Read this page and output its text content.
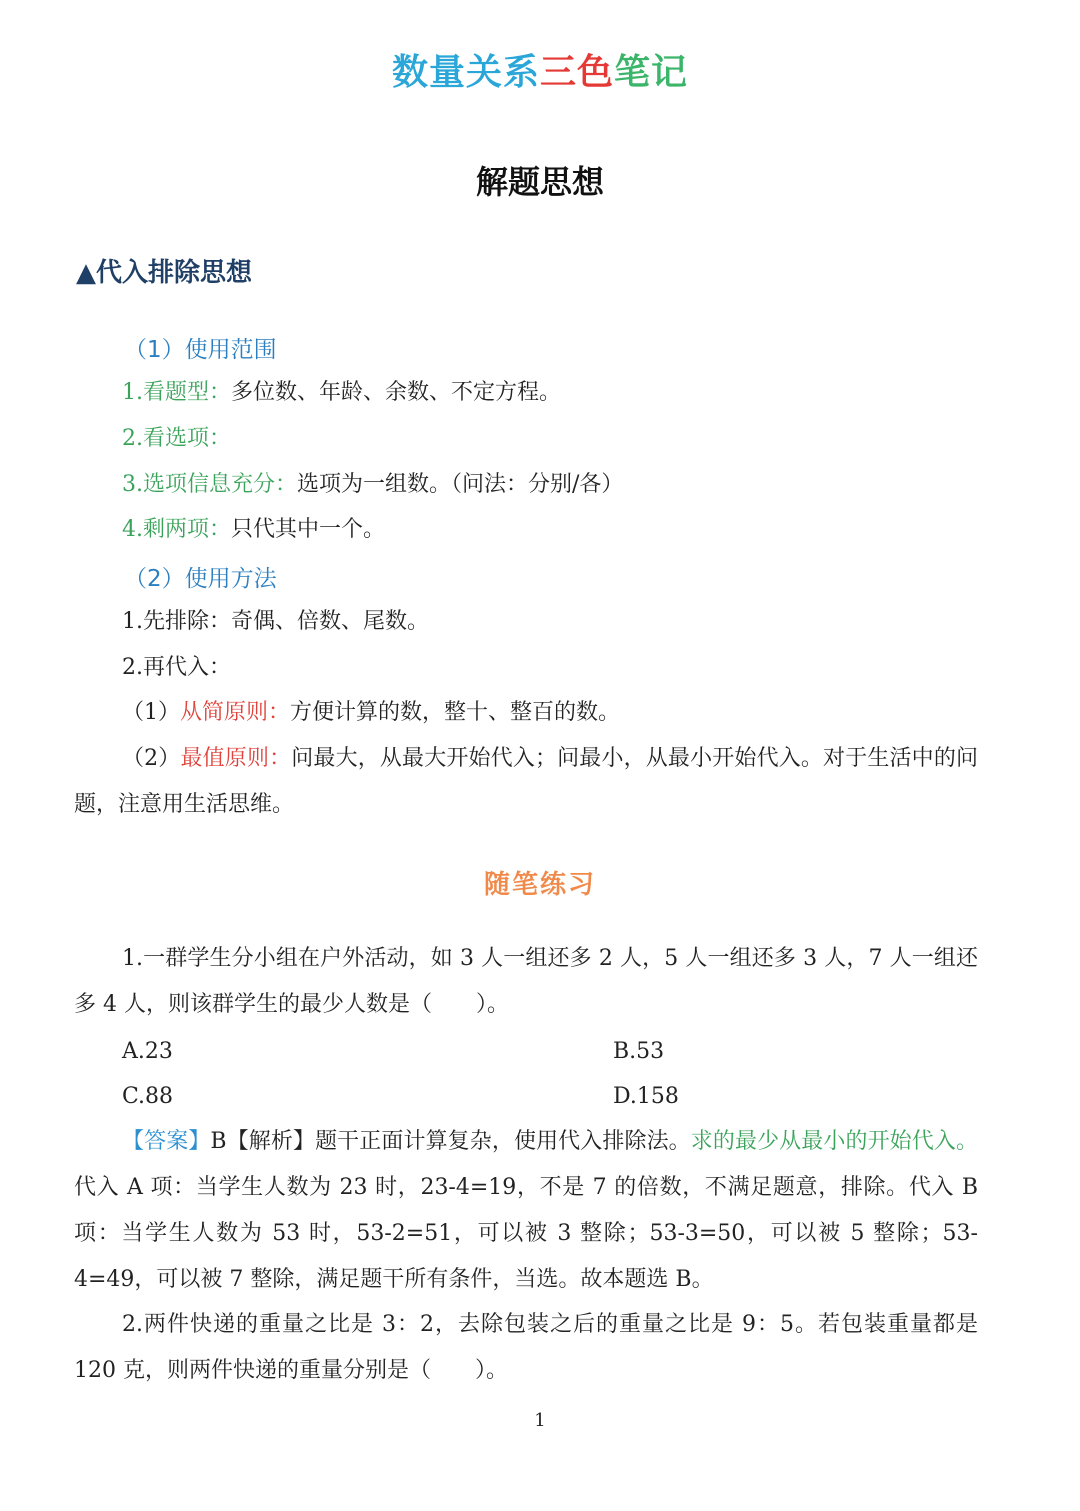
数量关系三色笔记
解题思想
▲代入排除思想
（1）使用范围
1.看题型：多位数、年龄、余数、不定方程。
2.看选项：
3.选项信息充分：选项为一组数。（问法：分别/各）
4.剩两项：只代其中一个。
（2）使用方法
1.先排除：奇偶、倍数、尾数。
2.再代入：
（1）从简原则：方便计算的数，整十、整百的数。
（2）最值原则：问最大，从最大开始代入；问最小，从最小开始代入。对于生活中的问题，注意用生活思维。
随笔练习
1.一群学生分小组在户外活动，如 3 人一组还多 2 人，5 人一组还多 3 人，7 人一组还多 4 人，则该群学生的最少人数是（　　）。
A.23	B.53
C.88	D.158
【答案】B【解析】题干正面计算复杂，使用代入排除法。求的最少从最小的开始代入。代入 A 项：当学生人数为 23 时，23-4=19，不是 7 的倍数，不满足题意，排除。代入 B 项：当学生人数为 53 时，53-2=51，可以被 3 整除；53-3=50，可以被 5 整除；53-4=49，可以被 7 整除，满足题干所有条件，当选。故本题选 B。
2.两件快递的重量之比是 3：2，去除包装之后的重量之比是 9：5。若包装重量都是 120 克，则两件快递的重量分别是（　　）。
1
